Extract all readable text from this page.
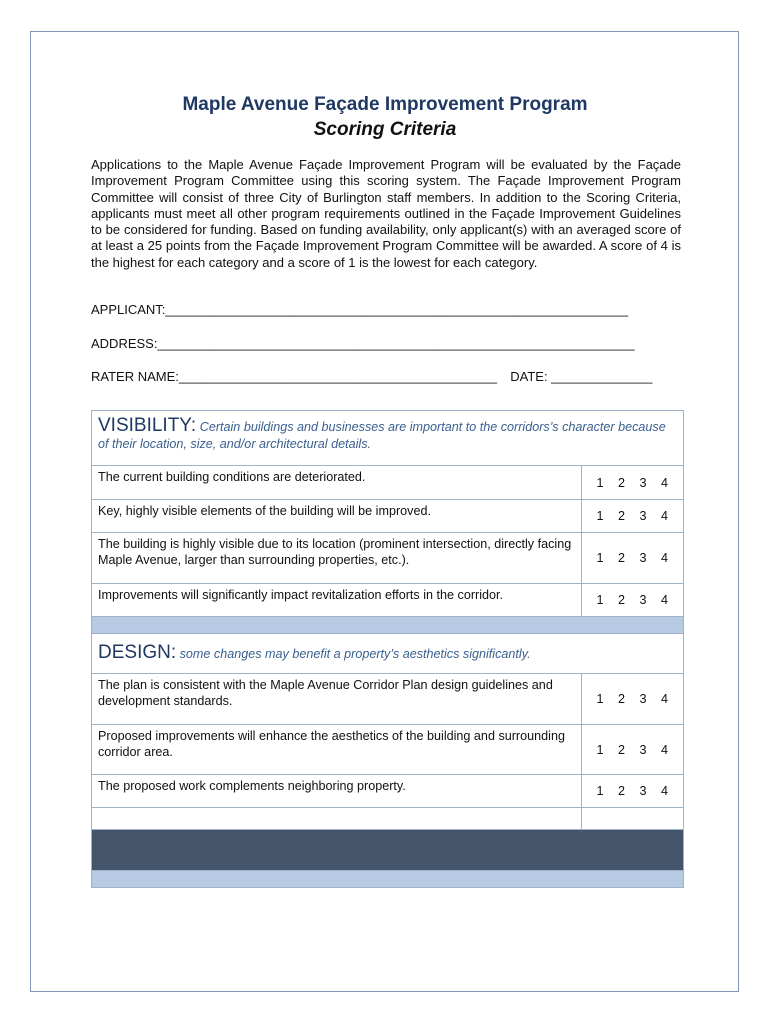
Maple Avenue Façade Improvement Program
Scoring Criteria
Applications to the Maple Avenue Façade Improvement Program will be evaluated by the Façade Improvement Program Committee using this scoring system. The Façade Improvement Program Committee will consist of three City of Burlington staff members. In addition to the Scoring Criteria, applicants must meet all other program requirements outlined in the Façade Improvement Guidelines to be considered for funding. Based on funding availability, only applicant(s) with an averaged score of at least a 25 points from the Façade Improvement Program Committee will be awarded. A score of 4 is the highest for each category and a score of 1 is the lowest for each category.
APPLICANT:________________________________________________________________
ADDRESS:__________________________________________________________________
RATER NAME:____________________________________________ DATE: ______________
VISIBILITY: Certain buildings and businesses are important to the corridors’s character because of their location, size, and/or architectural details.	
The current building conditions are deteriorated.	1 2 3 4
Key, highly visible elements of the building will be improved.	1 2 3 4
The building is highly visible due to its location (prominent intersection, directly facing Maple Avenue, larger than surrounding properties, etc.).	1 2 3 4
Improvements will significantly impact revitalization efforts in the corridor.	1 2 3 4

DESIGN: some changes may benefit a property’s aesthetics significantly.	
The plan is consistent with the Maple Avenue Corridor Plan design guidelines and development standards.	1 2 3 4
Proposed improvements will enhance the aesthetics of the building and surrounding corridor area.	1 2 3 4
The proposed work complements neighboring property.	1 2 3 4
